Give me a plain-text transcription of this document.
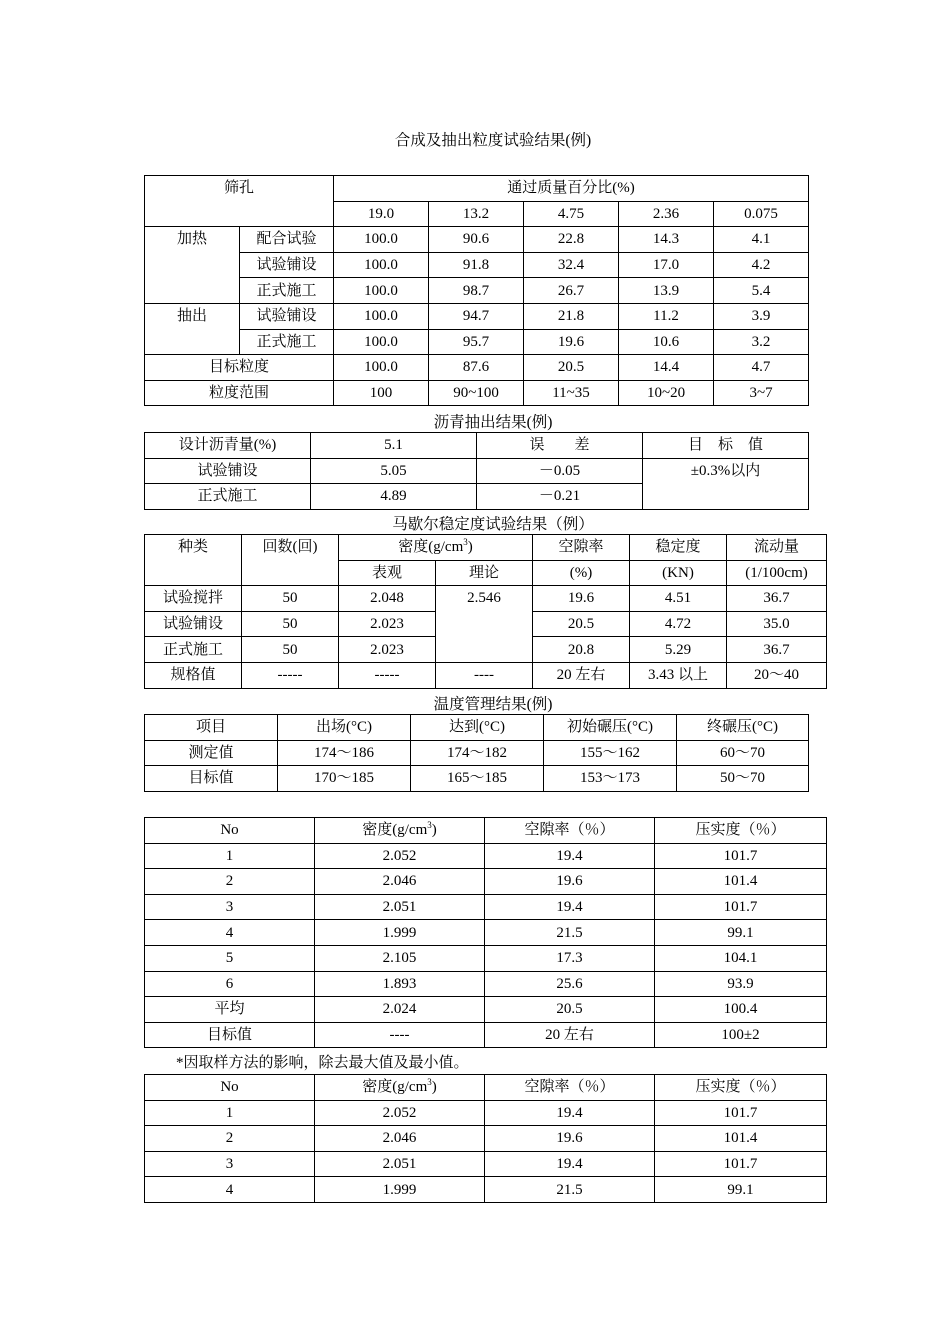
合成及抽出粒度试验结果(例)
筛孔		通过质量百分比(%)				
		19.0	13.2	4.75	2.36	0.075
加热	配合试验	100.0	90.6	22.8	14.3	4.1
	试验铺设	100.0	91.8	32.4	17.0	4.2
	正式施工	100.0	98.7	26.7	13.9	5.4
抽出	试验铺设	100.0	94.7	21.8	11.2	3.9
	正式施工	100.0	95.7	19.6	10.6	3.2
目标粒度		100.0	87.6	20.5	14.4	4.7
粒度范围		100	90~100	11~35	10~20	3~7
沥青抽出结果(例)
设计沥青量(%)	5.1	误　　差	目　标　值
试验铺设	5.05	－0.05	±0.3%以内
正式施工	4.89	－0.21	
马歇尔稳定度试验结果（例）
种类	回数(回)	密度$(g/cm^3)$		空隙率	稳定度	流动量
		表观	理论	(%)	(KN)	(1/100cm)
试验搅拌	50	2.048	2.546	19.6	4.51	36.7
试验铺设	50	2.023		20.5	4.72	35.0
正式施工	50	2.023		20.8	5.29	36.7
规格值	-----	-----	----	20 左右	3.43 以上	20～40
温度管理结果(例)
项目	出场(°C)	达到(°C)	初始碾压(°C)	终碾压(°C)
测定值	174～186	174～182	155～162	60～70
目标值	170～185	165～185	153～173	50～70
No	密度$(g/cm^3)$	空隙率（％）	压实度（％）
1	2.052	19.4	101.7
2	2.046	19.6	101.4
3	2.051	19.4	101.7
4	1.999	21.5	99.1
5	2.105	17.3	104.1
6	1.893	25.6	93.9
平均	2.024	20.5	100.4
目标值	----	20 左右	100±2
*因取样方法的影响，除去最大值及最小值。
No	密度$(g/cm^3)$	空隙率（％）	压实度（％）
1	2.052	19.4	101.7
2	2.046	19.6	101.4
3	2.051	19.4	101.7
4	1.999	21.5	99.1
